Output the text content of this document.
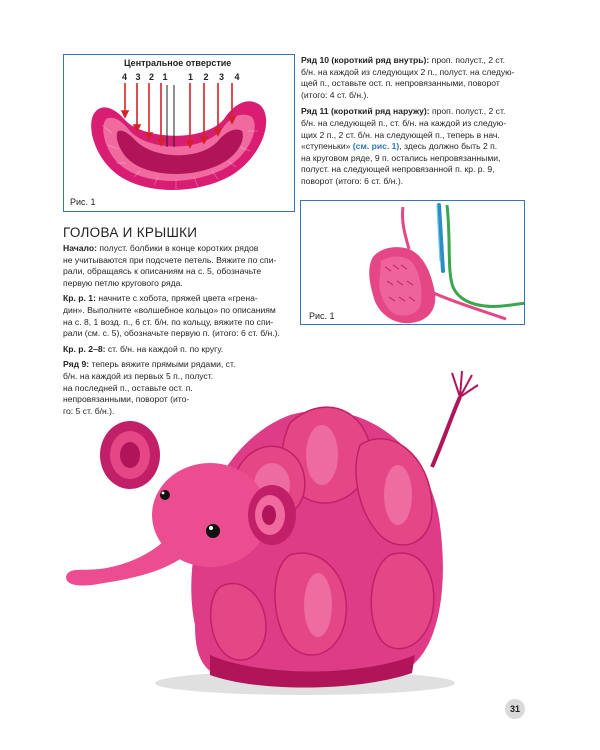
Центральное отверстие
4 3 2 1 1 2 3 4
Рис. 1
Ряд 10 (короткий ряд внутрь): проп. полуст., 2 ст.
б/н. на каждой из следующих 2 п., полуст. на следую-
щей п., оставьте ост. п. непровязанными, поворот
(итого: 4 ст. б/н.).
Ряд 11 (короткий ряд наружу): проп. полуст., 2 ст.
б/н. на следующей п., ст. б/н. на каждой из следую-
щих 2 п., 2 ст. б/н. на следующей п., теперь в нач.
«ступеньки» (см. рис. 1), здесь должно быть 2 п.
на круговом ряде, 9 п. остались непровязанными,
полуст. на следующей непровязанной п. кр. р. 9,
поворот (итого: 6 ст. б/н.).
Рис. 1
ГОЛОВА И КРЫШКИ
Начало: полуст. болбики в конце коротких рядов
не учитываются при подсчете петель. Вяжите по спи-
рали, обращаясь к описаниям на с. 5, обозначьте
первую петлю кругового ряда.
Кр. р. 1: начните с хобота, пряжей цвета «грена-
дин». Выполните «волшебное кольцо» по описаниям
на с. 8, 1 возд. п., 6 ст. б/н. по кольцу, вяжите по спи-
рали (см. с. 5), обозначьте первую п. (итого: 6 ст. б/н.).
Кр. р. 2–8: ст. б/н. на каждой п. по кругу.
Ряд 9: теперь вяжите прямыми рядами, ст.
б/н. на каждой из первых 5 п., полуст.
на последней п., оставьте ост. п.
непровязанными, поворот (ито-
го: 5 ст. б/н.).
31
